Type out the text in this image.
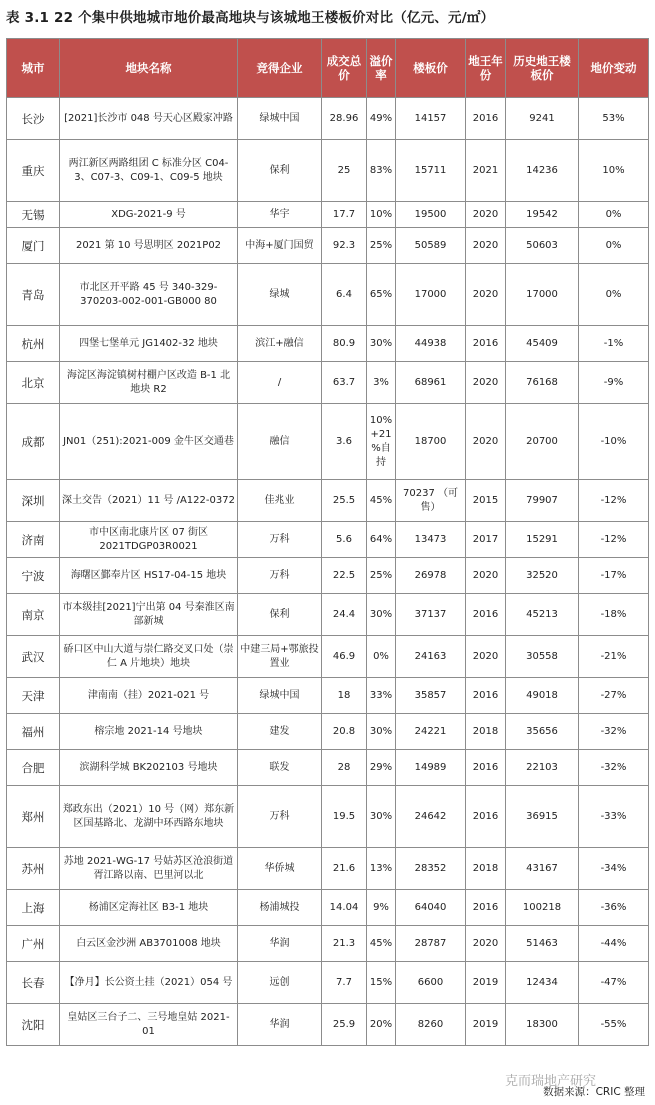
表 3.1 22 个集中供地城市地价最高地块与该城地王楼板价对比（亿元、元/㎡）
城市	地块名称	竞得企业	成交总价	溢价率	楼板价	地王年份	历史地王楼板价	地价变动
长沙	[2021]长沙市 048 号天心区殿家冲路	绿城中国	28.96	49%	14157	2016	9241	53%
重庆	两江新区两路组团 C 标准分区 C04-3、C07-3、C09-1、C09-5 地块	保利	25	83%	15711	2021	14236	10%
无锡	XDG-2021-9 号	华宇	17.7	10%	19500	2020	19542	0%
厦门	2021 第 10 号思明区 2021P02	中海+厦门国贸	92.3	25%	50589	2020	50603	0%
青岛	市北区开平路 45 号 340-329-370203-002-001-GB000 80	绿城	6.4	65%	17000	2020	17000	0%
杭州	四堡七堡单元 JG1402-32 地块	滨江+融信	80.9	30%	44938	2016	45409	-1%
北京	海淀区海淀镇树村棚户区改造 B-1 北地块 R2	/	63.7	3%	68961	2020	76168	-9%
成都	JN01（251):2021-009 金牛区交通巷	融信	3.6	10% +21 %自持	18700	2020	20700	-10%
深圳	深土交告（2021）11 号 /A122-0372	佳兆业	25.5	45%	70237 （可售）	2015	79907	-12%
济南	市中区南北康片区 07 街区 2021TDGP03R0021	万科	5.6	64%	13473	2017	15291	-12%
宁波	海曙区鄞奉片区 HS17-04-15 地块	万科	22.5	25%	26978	2020	32520	-17%
南京	市本级挂[2021]宁出第 04 号秦淮区南部新城	保利	24.4	30%	37137	2016	45213	-18%
武汉	硚口区中山大道与崇仁路交叉口处（崇仁 A 片地块）地块	中建三局+鄂旅投置业	46.9	0%	24163	2020	30558	-21%
天津	津南南（挂）2021-021 号	绿城中国	18	33%	35857	2016	49018	-27%
福州	榕宗地 2021-14 号地块	建发	20.8	30%	24221	2018	35656	-32%
合肥	滨湖科学城 BK202103 号地块	联发	28	29%	14989	2016	22103	-32%
郑州	郑政东出（2021）10 号（网）郑东新区国基路北、龙湖中环西路东地块	万科	19.5	30%	24642	2016	36915	-33%
苏州	苏地 2021-WG-17 号姑苏区沧浪街道胥江路以南、巴里河以北	华侨城	21.6	13%	28352	2018	43167	-34%
上海	杨浦区定海社区 B3-1 地块	杨浦城投	14.04	9%	64040	2016	100218	-36%
广州	白云区金沙洲 AB3701008 地块	华润	21.3	45%	28787	2020	51463	-44%
长春	【净月】长公资土挂（2021）054 号	远创	7.7	15%	6600	2019	12434	-47%
沈阳	皇姑区三台子二、三号地皇姑 2021-01	华润	25.9	20%	8260	2019	18300	-55%
克而瑞地产研究
数据来源：CRIC 整理
